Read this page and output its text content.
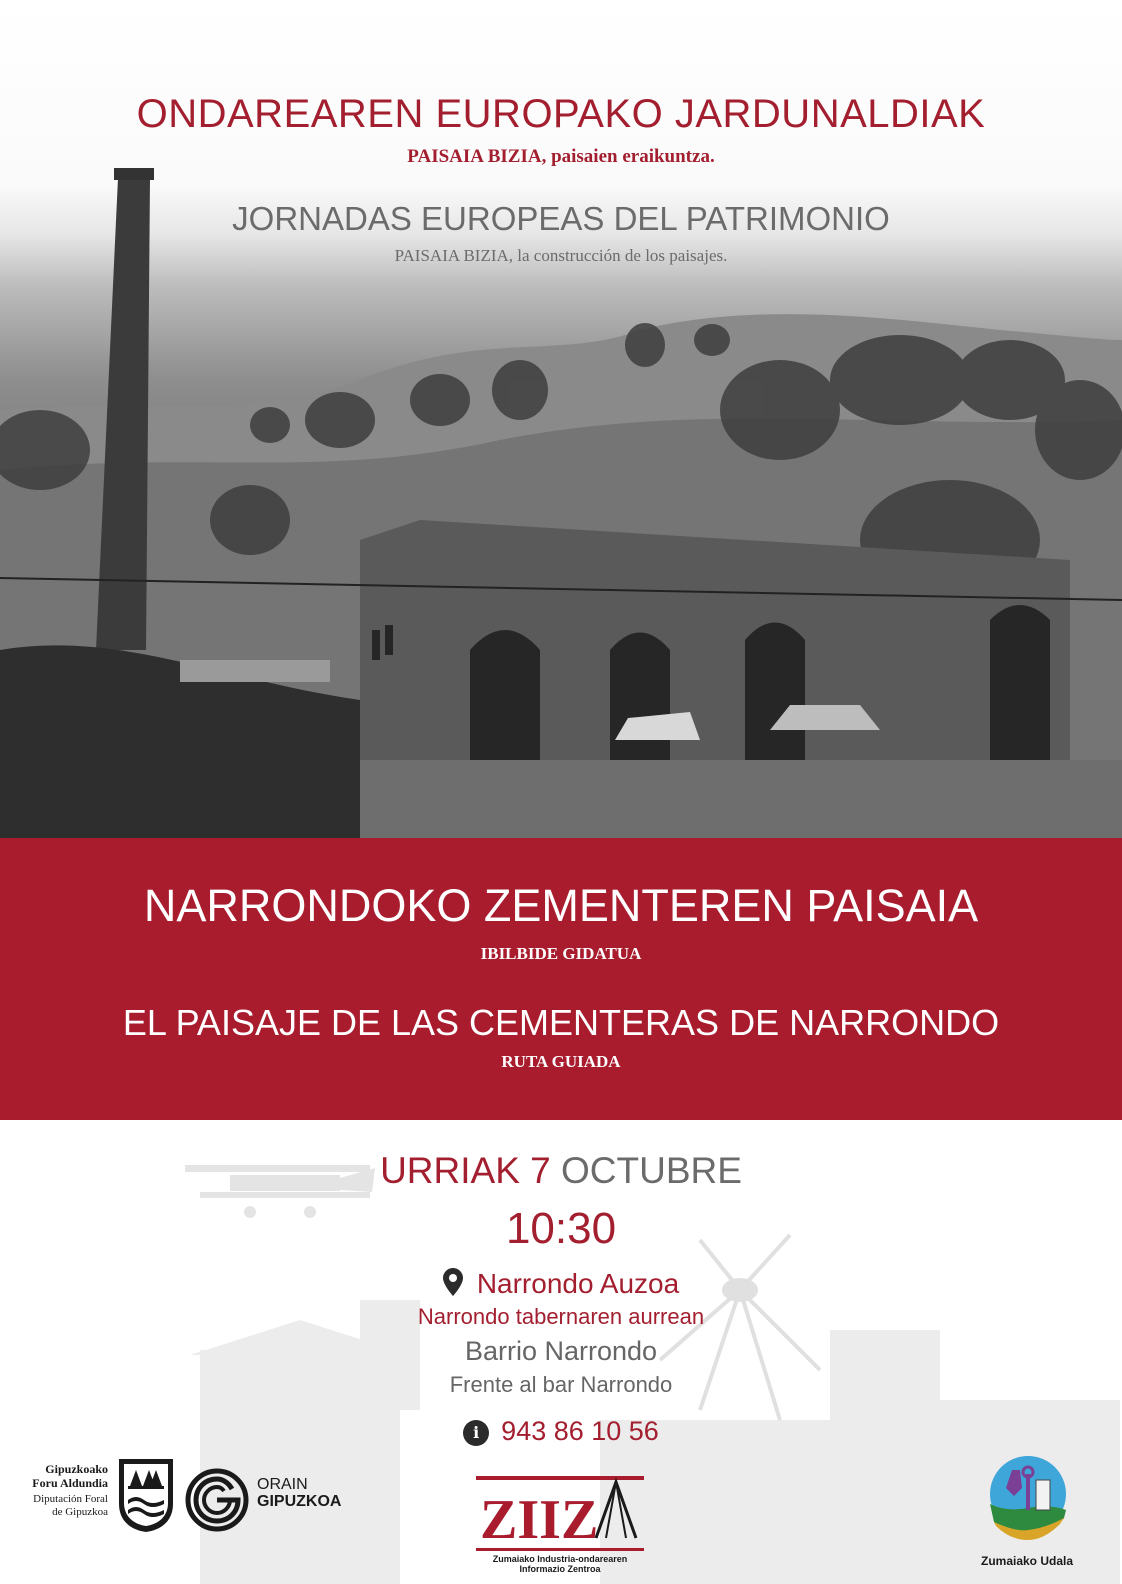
ONDAREAREN EUROPAKO JARDUNALDIAK
PAISAIA BIZIA, paisaien eraikuntza.
JORNADAS EUROPEAS DEL PATRIMONIO
PAISAIA BIZIA, la construcción de los paisajes.
NARRONDOKO ZEMENTEREN PAISAIA
IBILBIDE GIDATUA
EL PAISAJE DE LAS CEMENTERAS DE NARRONDO
RUTA GUIADA
URRIAK 7 OCTUBRE
10:30
Narrondo Auzoa
Narrondo tabernaren aurrean
Barrio Narrondo
Frente al bar Narrondo
i 943 86 10 56
Gipuzkoako
Foru Aldundia
Diputación Foral
de Gipuzkoa
ORAIN
GIPUZKOA ZIIZ
Zumaiako Industria-ondarearen Informazio Zentroa
Zumaiako Udala
